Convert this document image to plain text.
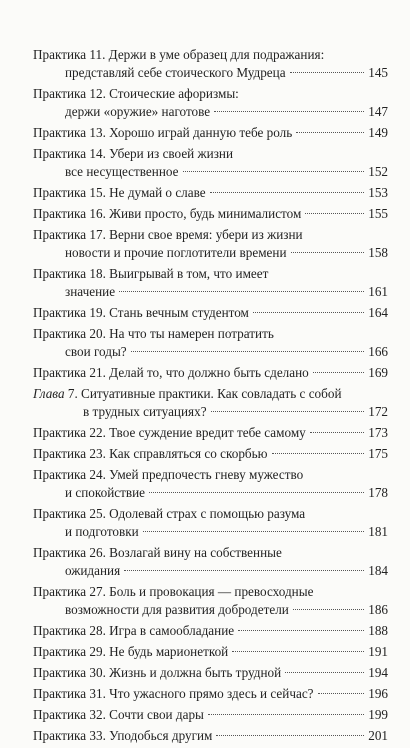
Практика 11. Держи в уме образец для подражания:
представляй себе стоического Мудреца	145
Практика 12. Стоические афоризмы:
держи «оружие» наготове	147
Практика 13. Хорошо играй данную тебе роль	149
Практика 14. Убери из своей жизни
все несущественное	152
Практика 15. Не думай о славе	153
Практика 16. Живи просто, будь минималистом	155
Практика 17. Верни свое время: убери из жизни
новости и прочие поглотители времени	158
Практика 18. Выигрывай в том, что имеет
значение	161
Практика 19. Стань вечным студентом	164
Практика 20. На что ты намерен потратить
свои годы?	166
Практика 21. Делай то, что должно быть сделано	169
Глава 7. Ситуативные практики. Как совладать с собой
в трудных ситуациях?	172
Практика 22. Твое суждение вредит тебе самому	173
Практика 23. Как справляться со скорбью	175
Практика 24. Умей предпочесть гневу мужество
и спокойствие	178
Практика 25. Одолевай страх с помощью разума
и подготовки	181
Практика 26. Возлагай вину на собственные
ожидания	184
Практика 27. Боль и провокация — превосходные
возможности для развития добродетели	186
Практика 28. Игра в самообладание	188
Практика 29. Не будь марионеткой	191
Практика 30. Жизнь и должна быть трудной	194
Практика 31. Что ужасного прямо здесь и сейчас?	196
Практика 32. Сочти свои дары	199
Практика 33. Уподобься другим	201
